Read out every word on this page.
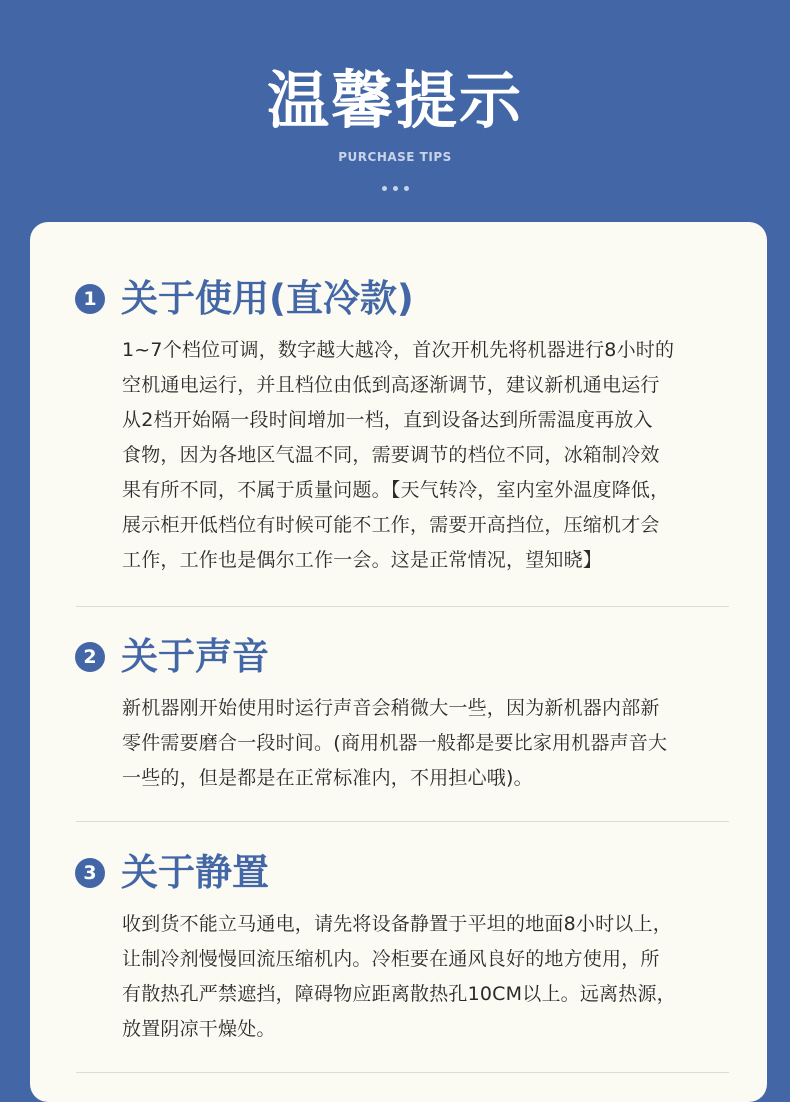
温馨提示
PURCHASE TIPS
1 关于使用(直冷款)
1~7个档位可调，数字越大越冷，首次开机先将机器进行8小时的
空机通电运行，并且档位由低到高逐渐调节，建议新机通电运行
从2档开始隔一段时间增加一档，直到设备达到所需温度再放入
食物，因为各地区气温不同，需要调节的档位不同，冰箱制冷效
果有所不同，不属于质量问题。【天气转冷，室内室外温度降低，
展示柜开低档位有时候可能不工作，需要开高挡位，压缩机才会
工作，工作也是偶尔工作一会。这是正常情况，望知晓】
2 关于声音
新机器刚开始使用时运行声音会稍微大一些，因为新机器内部新
零件需要磨合一段时间。(商用机器一般都是要比家用机器声音大
一些的，但是都是在正常标准内，不用担心哦)。
3 关于静置
收到货不能立马通电，请先将设备静置于平坦的地面8小时以上，
让制冷剂慢慢回流压缩机内。冷柜要在通风良好的地方使用，所
有散热孔严禁遮挡，障碍物应距离散热孔10CM以上。远离热源，
放置阴凉干燥处。
